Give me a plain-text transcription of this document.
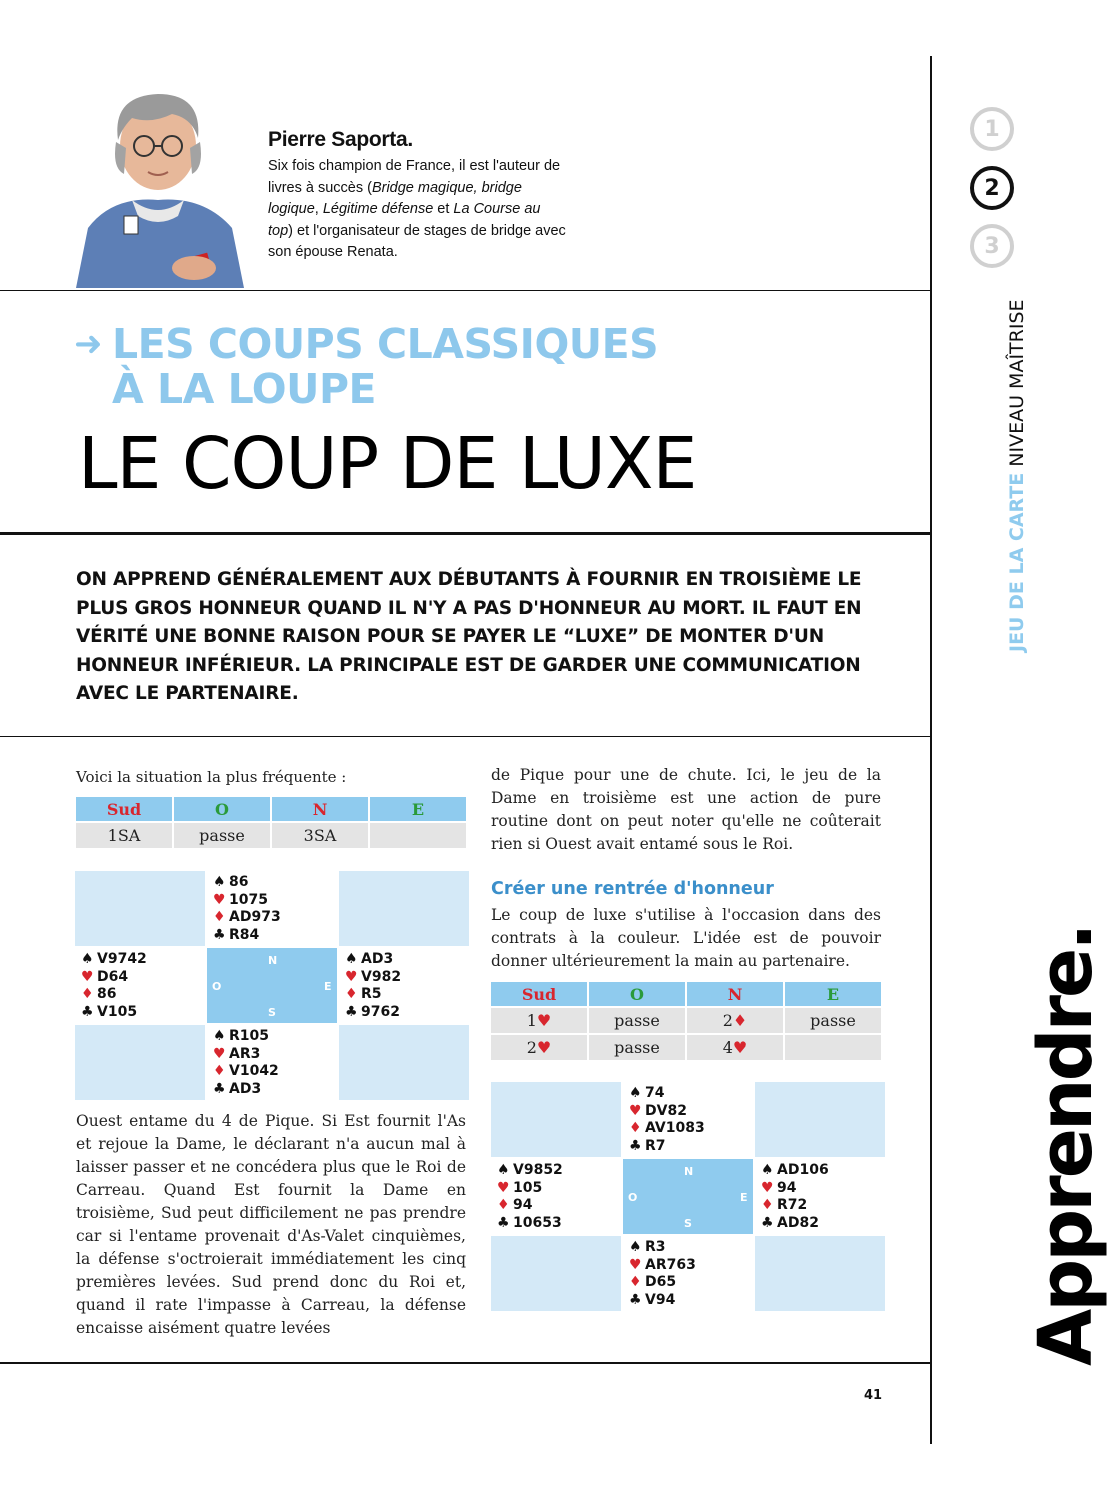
Pierre Saporta.
Six fois champion de France, il est l'auteur de livres à succès (Bridge magique, bridge logique, Légitime défense et La Course au top) et l'organisateur de stages de bridge avec son épouse Renata.
➜ LES COUPS CLASSIQUES
À LA LOUPE
LE COUP DE LUXE
ON APPREND GÉNÉRALEMENT AUX DÉBUTANTS À FOURNIR EN TROISIÈME LE PLUS GROS HONNEUR QUAND IL N'Y A PAS D'HONNEUR AU MORT. IL FAUT EN VÉRITÉ UNE BONNE RAISON POUR SE PAYER LE “LUXE” DE MONTER D'UN HONNEUR INFÉRIEUR. LA PRINCIPALE EST DE GARDER UNE COMMUNICATION AVEC LE PARTENAIRE.
Voici la situation la plus fréquente :
Sud	O	N	E
1SA	passe	3SA	
♠ 86
♥ 1075
♦ AD973
♣ R84
♠ V9742
♥ D64
♦ 86
♣ V105
N
O	E
S
♠ AD3
♥ V982
♦ R5
♣ 9762
♠ R105
♥ AR3
♦ V1042
♣ AD3
Ouest entame du 4 de Pique. Si Est fournit l'As et rejoue la Dame, le déclarant n'a aucun mal à laisser passer et ne concédera plus que le Roi de Carreau. Quand Est fournit la Dame en troisième, Sud peut difficilement ne pas prendre car si l'entame provenait d'As-Valet cinquièmes, la défense s'octroierait immédiatement les cinq premières levées. Sud prend donc du Roi et, quand il rate l'impasse à Carreau, la défense encaisse aisément quatre levées
de Pique pour une de chute. Ici, le jeu de la Dame en troisième est une action de pure routine dont on peut noter qu'elle ne coûterait rien si Ouest avait entamé sous le Roi.
Créer une rentrée d'honneur
Le coup de luxe s'utilise à l'occasion dans des contrats à la couleur. L'idée est de pouvoir donner ultérieurement la main au partenaire.
Sud	O	N	E
1♥	passe	2♦	passe
2♥	passe	4♥	
♠ 74
♥ DV82
♦ AV1083
♣ R7
♠ V9852
♥ 105
♦ 94
♣ 10653
N
O	E
S
♠ AD106
♥ 94
♦ R72
♣ AD82
♠ R3
♥ AR763
♦ D65
♣ V94
1
2
3
JEU DE LA CARTE NIVEAU MAÎTRISE
Apprendre.
41
